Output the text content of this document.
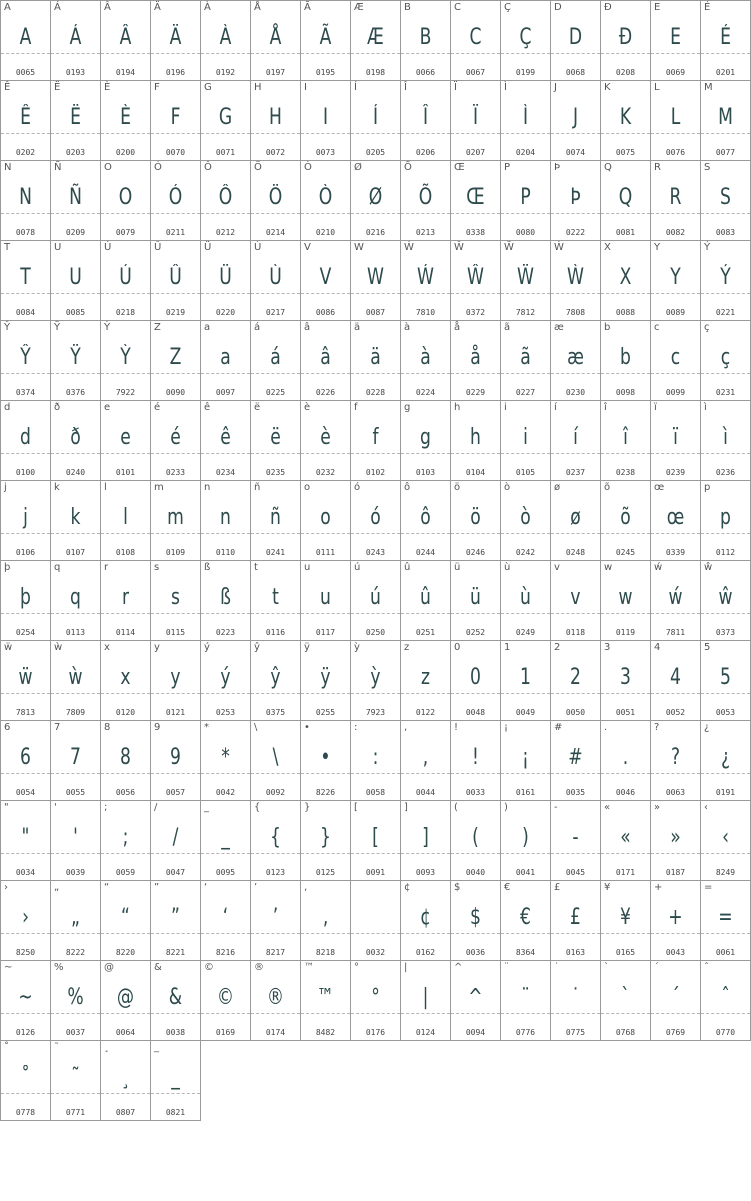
A
A
0065
Á
Á
0193
Â
Â
0194
Ä
Ä
0196
À
À
0192
Å
Å
0197
Ã
Ã
0195
Æ
Æ
0198
B
B
0066
C
C
0067
Ç
Ç
0199
D
D
0068
Ð
Ð
0208
E
E
0069
É
É
0201
Ê
Ê
0202
Ë
Ë
0203
È
È
0200
F
F
0070
G
G
0071
H
H
0072
I
I
0073
Í
Í
0205
Î
Î
0206
Ï
Ï
0207
Ì
Ì
0204
J
J
0074
K
K
0075
L
L
0076
M
M
0077
N
N
0078
Ñ
Ñ
0209
O
O
0079
Ó
Ó
0211
Ô
Ô
0212
Ö
Ö
0214
Ò
Ò
0210
Ø
Ø
0216
Õ
Õ
0213
Œ
Œ
0338
P
P
0080
Þ
Þ
0222
Q
Q
0081
R
R
0082
S
S
0083
T
T
0084
U
U
0085
Ú
Ú
0218
Û
Û
0219
Ü
Ü
0220
Ù
Ù
0217
V
V
0086
W
W
0087
Ẃ
Ẃ
7810
Ŵ
Ŵ
0372
Ẅ
Ẅ
7812
Ẁ
Ẁ
7808
X
X
0088
Y
Y
0089
Ý
Ý
0221
Ŷ
Ŷ
0374
Ÿ
Ÿ
0376
Ỳ
Ỳ
7922
Z
Z
0090
a
a
0097
á
á
0225
â
â
0226
ä
ä
0228
à
à
0224
å
å
0229
ã
ã
0227
æ
æ
0230
b
b
0098
c
c
0099
ç
ç
0231
d
d
0100
ð
ð
0240
e
e
0101
é
é
0233
ê
ê
0234
ë
ë
0235
è
è
0232
f
f
0102
g
g
0103
h
h
0104
i
i
0105
í
í
0237
î
î
0238
ï
ï
0239
ì
ì
0236
j
j
0106
k
k
0107
l
l
0108
m
m
0109
n
n
0110
ñ
ñ
0241
o
o
0111
ó
ó
0243
ô
ô
0244
ö
ö
0246
ò
ò
0242
ø
ø
0248
õ
õ
0245
œ
œ
0339
p
p
0112
þ
þ
0254
q
q
0113
r
r
0114
s
s
0115
ß
ß
0223
t
t
0116
u
u
0117
ú
ú
0250
û
û
0251
ü
ü
0252
ù
ù
0249
v
v
0118
w
w
0119
ẃ
ẃ
7811
ŵ
ŵ
0373
ẅ
ẅ
7813
ẁ
ẁ
7809
x
x
0120
y
y
0121
ý
ý
0253
ŷ
ŷ
0375
ÿ
ÿ
0255
ỳ
ỳ
7923
z
z
0122
0
0
0048
1
1
0049
2
2
0050
3
3
0051
4
4
0052
5
5
0053
6
6
0054
7
7
0055
8
8
0056
9
9
0057
*
*
0042
\
\
0092
•
•
8226
:
:
0058
,
,
0044
!
!
0033
¡
¡
0161
#
#
0035
.
.
0046
?
?
0063
¿
¿
0191
"
"
0034
'
'
0039
;
;
0059
/
/
0047
_
_
0095
{
{
0123
}
}
0125
[
[
0091
]
]
0093
(
(
0040
)
)
0041
-
-
0045
«
«
0171
»
»
0187
‹
‹
8249
›
›
8250
„
„
8222
“
“
8220
”
”
8221
‘
‘
8216
’
’
8217
‚
‚
8218	0032
¢
¢
0162
$
$
0036
€
€
8364
£
£
0163
¥
¥
0165
+
+
0043
=
=
0061
~
~
0126
%
%
0037
@
@
0064
&
&
0038
©
©
0169
®
®
0174
™
™
8482
°
°
0176
|
|
0124
^
^
0094
¨
¨
0776
˙
˙
0775
`
`
0768
´
´
0769
ˆ
ˆ
0770
˚
˚
0778
˜
˜
0771
¸
¸
0807
_
_
0821
